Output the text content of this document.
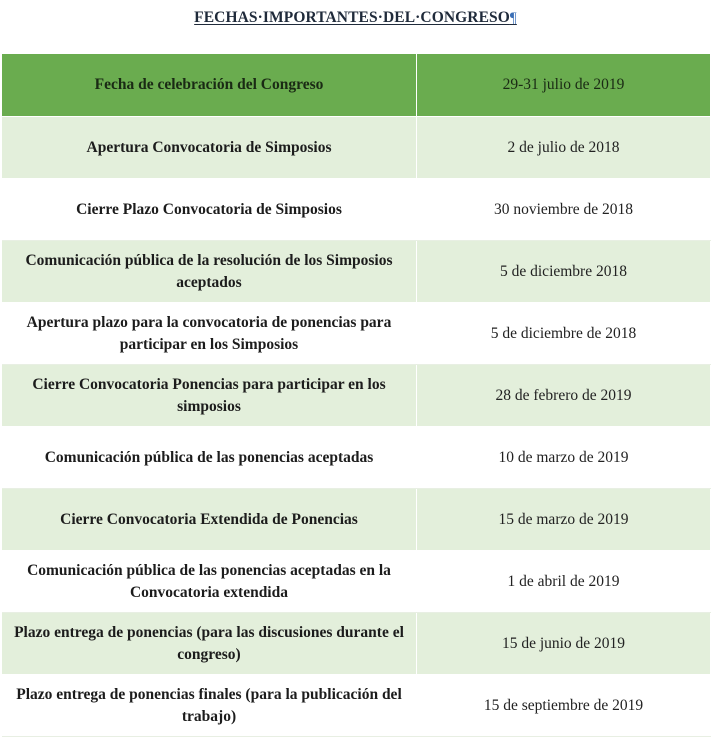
FECHAS·IMPORTANTES·DEL·CONGRESO¶
Fecha de celebración del Congreso	29-31 julio de 2019
Apertura Convocatoria de Simposios	2 de julio de 2018
Cierre Plazo Convocatoria de Simposios	30 noviembre de 2018
Comunicación pública de la resolución de los Simposios aceptados	5 de diciembre 2018
Apertura plazo para la convocatoria de ponencias para participar en los Simposios	5 de diciembre de 2018
Cierre Convocatoria Ponencias para participar en los simposios	28 de febrero de 2019
Comunicación pública de las ponencias aceptadas	10 de marzo de 2019
Cierre Convocatoria Extendida de Ponencias	15 de marzo de 2019
Comunicación pública de las ponencias aceptadas en la Convocatoria extendida	1 de abril de 2019
Plazo entrega de ponencias (para las discusiones durante el congreso)	15 de junio de 2019
Plazo entrega de ponencias finales (para la publicación del trabajo)	15 de septiembre de 2019
